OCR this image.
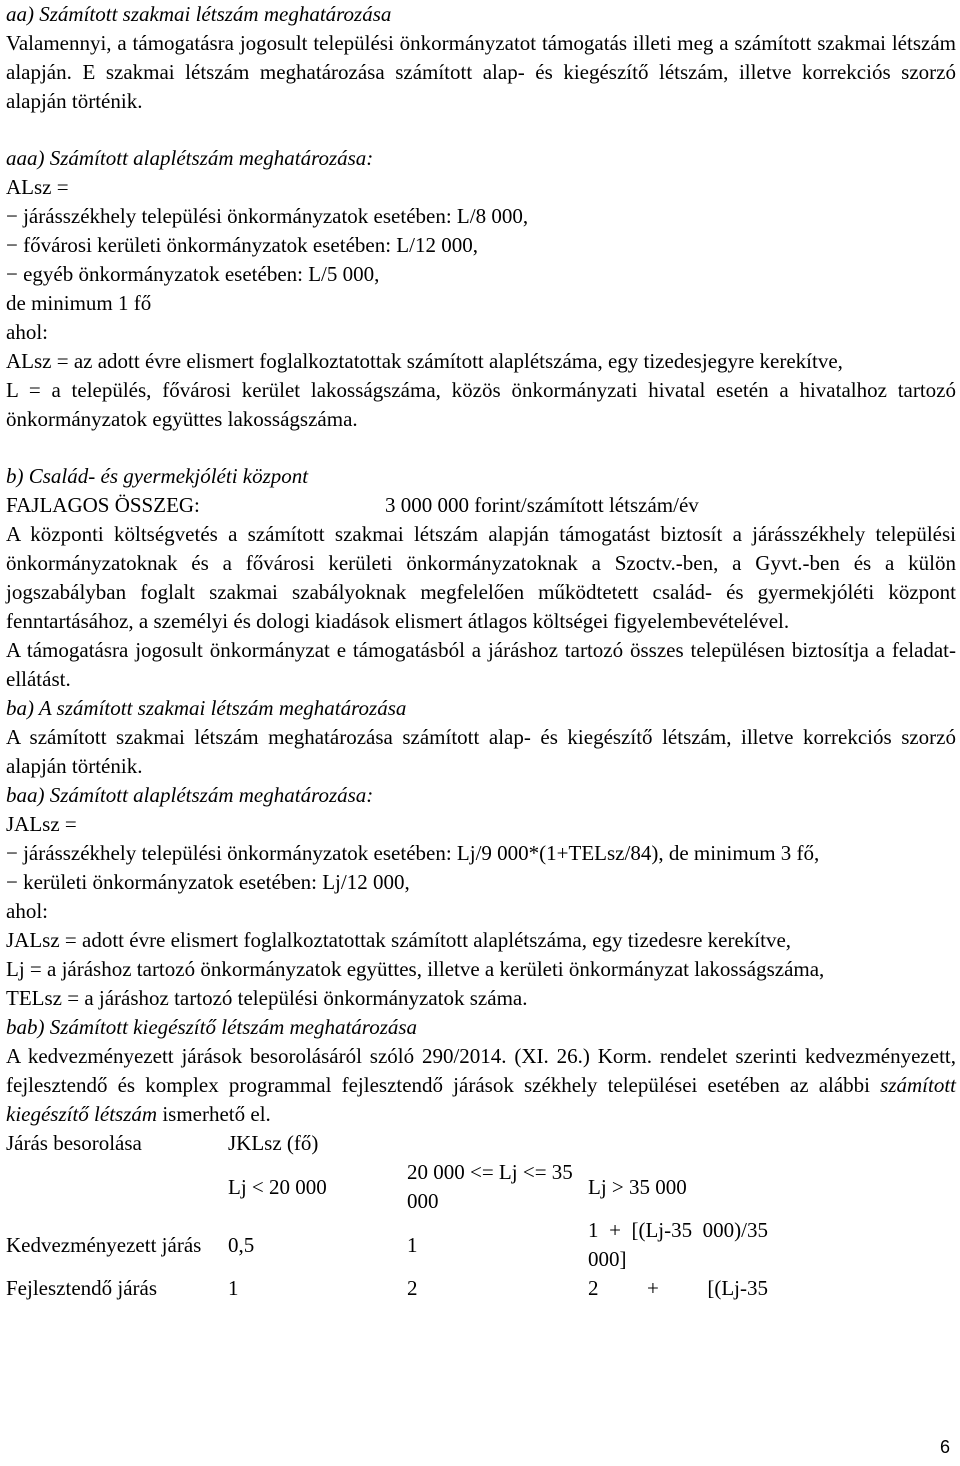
aa) Számított szakmai létszám meghatározása

Valamennyi, a támogatásra jogosult települési önkormányzatot támogatás illeti meg a számított szakmai létszám alapján. E szakmai létszám meghatározása számított alap- és kiegészítő létszám, illetve korrekciós szorzó alapján történik.

aaa) Számított alaplétszám meghatározása:

ALsz =

− járásszékhely települési önkormányzatok esetében: L/8 000,

− fővárosi kerületi önkormányzatok esetében: L/12 000,

− egyéb önkormányzatok esetében: L/5 000,

de minimum 1 fő

ahol:

ALsz = az adott évre elismert foglalkoztatottak számított alaplétszáma, egy tizedesjegyre kerekítve,

L = a település, fővárosi kerület lakosságszáma, közös önkormányzati hivatal esetén a hivatalhoz tartozó önkormányzatok együttes lakosságszáma.

b) Család- és gyermekjóléti központ

FAJLAGOS ÖSSZEG:	3 000 000 forint/számított létszám/év

A központi költségvetés a számított szakmai létszám alapján támogatást biztosít a járásszékhely települési önkormányzatoknak és a fővárosi kerületi önkormányzatoknak a Szoctv.-ben, a Gyvt.-ben és a külön jogszabályban foglalt szakmai szabályoknak megfelelően működtetett család- és gyermekjóléti központ fenntartásához, a személyi és dologi kiadások elismert átlagos költségei figyelembevételével.

A támogatásra jogosult önkormányzat e támogatásból a járáshoz tartozó összes településen biztosítja a feladat-ellátást.

ba) A számított szakmai létszám meghatározása

A számított szakmai létszám meghatározása számított alap- és kiegészítő létszám, illetve korrekciós szorzó alapján történik.

baa) Számított alaplétszám meghatározása:

JALsz =

− járásszékhely települési önkormányzatok esetében: Lj/9 000*(1+TELsz/84), de minimum 3 fő,

− kerületi önkormányzatok esetében: Lj/12 000,

ahol:

JALsz = adott évre elismert foglalkoztatottak számított alaplétszáma, egy tizedesre kerekítve,

Lj = a járáshoz tartozó önkormányzatok együttes, illetve a kerületi önkormányzat lakosságszáma,

TELsz = a járáshoz tartozó települési önkormányzatok száma.

bab) Számított kiegészítő létszám meghatározása

A kedvezményezett járások besorolásáról szóló 290/2014. (XI. 26.) Korm. rendelet szerinti kedvezményezett, fejlesztendő és komplex programmal fejlesztendő járások székhely települései esetében az alábbi számított kiegészítő létszám ismerhető el.

Járás besorolása	JKLsz (fő)		
	Lj < 20 000	20 000 <= Lj <= 35 000	Lj > 35 000
Kedvezményezett járás	0,5	1	1 + [(Lj-35 000)/35 000]
Fejlesztendő járás	1	2	2 + [(Lj-35
6
